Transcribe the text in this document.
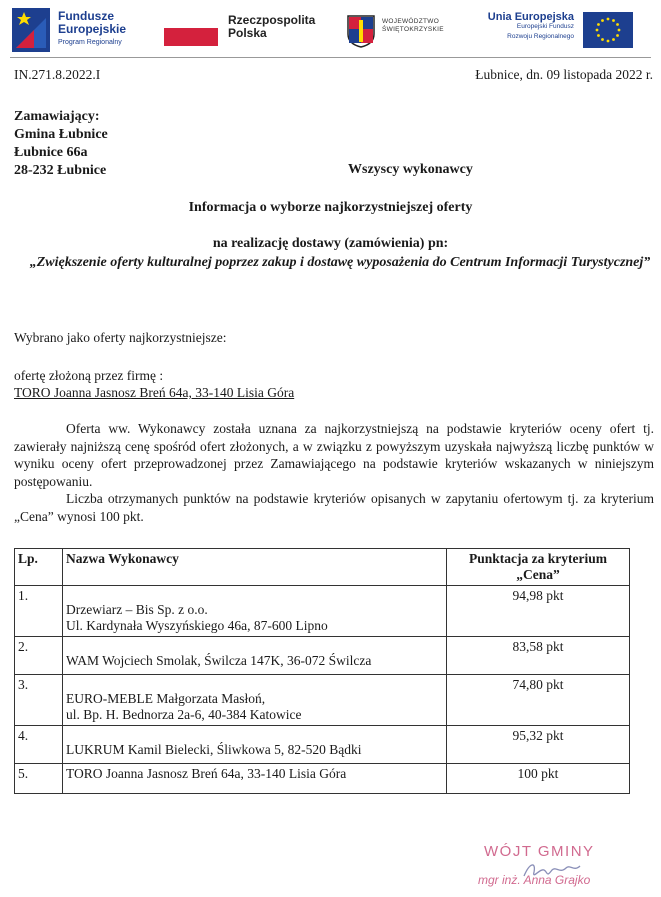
Fundusze
Europejskie
Program Regionalny
Rzeczpospolita
Polska
WOJEWÓDZTWO
ŚWIĘTOKRZYSKIE
Unia Europejska
Europejski Fundusz
Rozwoju Regionalnego
IN.271.8.2022.I	Łubnice, dn. 09 listopada 2022 r.
Zamawiający:
Gmina Łubnice
Łubnice 66a
28-232 Łubnice	Wszyscy wykonawcy
Informacja o wyborze najkorzystniejszej oferty
na realizację dostawy (zamówienia) pn:
„Zwiększenie oferty kulturalnej poprzez zakup i dostawę wyposażenia do Centrum Informacji Turystycznej”
Wybrano jako oferty najkorzystniejsze:
ofertę złożoną przez firmę :
TORO Joanna Jasnosz Breń 64a, 33-140 Lisia Góra
Oferta ww. Wykonawcy została uznana za najkorzystniejszą na podstawie kryteriów oceny ofert tj. zawierały najniższą cenę spośród ofert złożonych, a w związku z powyższym uzyskała najwyższą liczbę punktów w wyniku oceny ofert przeprowadzonej przez Zamawiającego na podstawie kryteriów wskazanych w niniejszym postępowaniu.
Liczba otrzymanych punktów na podstawie kryteriów opisanych w zapytaniu ofertowym tj. za kryterium „Cena” wynosi 100 pkt.
Lp.	Nazwa Wykonawcy	Punktacja za kryterium „Cena”
1.	Drzewiarz – Bis Sp. z o.o.
Ul. Kardynała Wyszyńskiego 46a, 87-600 Lipno	94,98 pkt
2.	WAM Wojciech Smolak, Świlcza 147K, 36-072 Świlcza	83,58 pkt
3.	EURO-MEBLE Małgorzata Masłoń,
ul. Bp. H. Bednorza 2a-6, 40-384 Katowice	74,80 pkt
4.	LUKRUM Kamil Bielecki, Śliwkowa 5, 82-520 Bądki	95,32 pkt
5.	TORO Joanna Jasnosz Breń 64a, 33-140 Lisia Góra	100 pkt
WÓJT GMINY
mgr inż. Anna Grajko
